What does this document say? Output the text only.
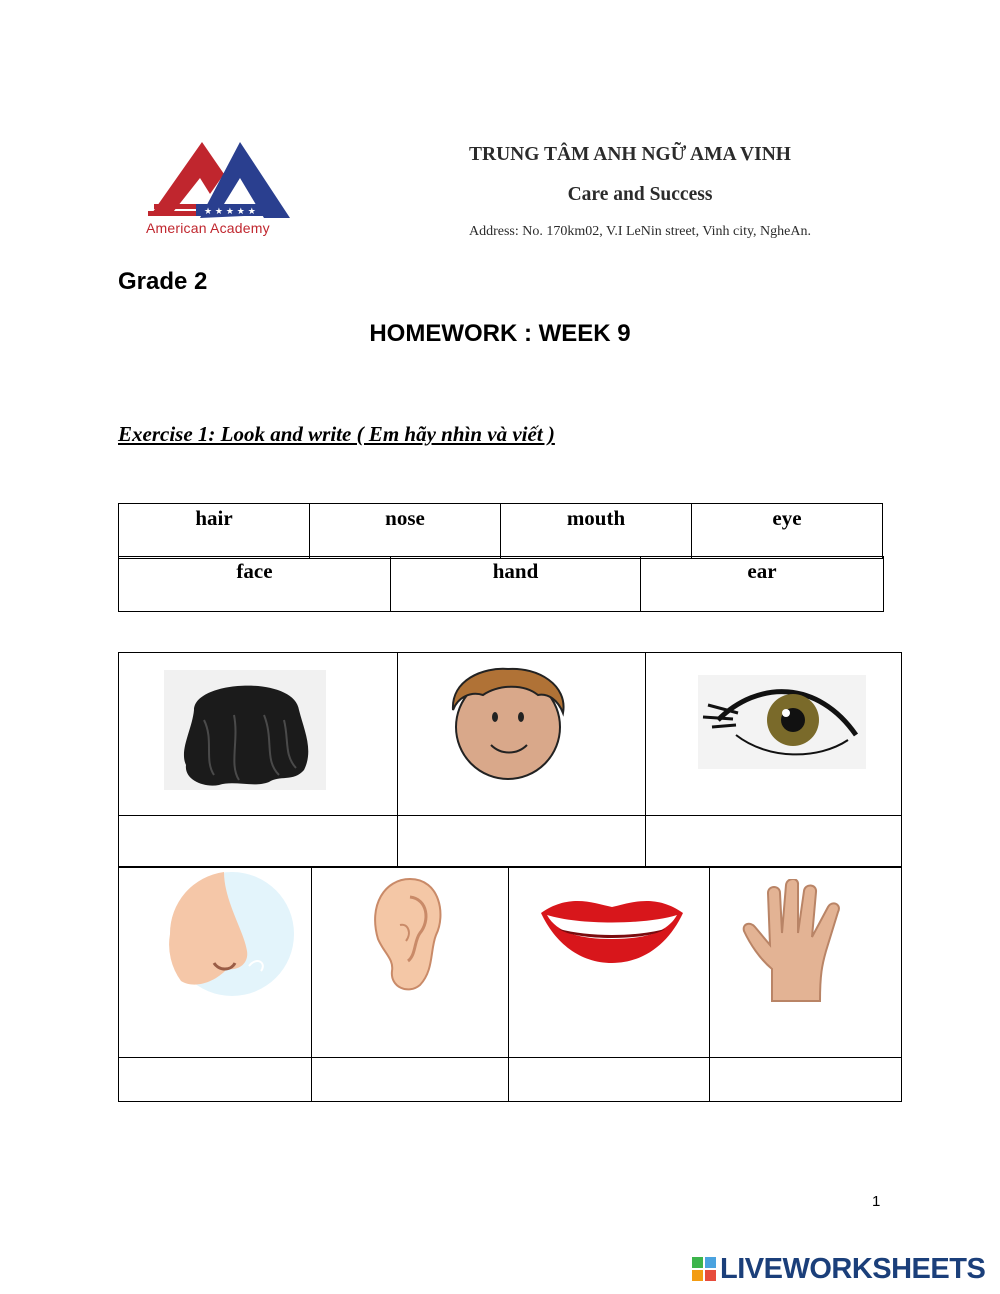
★ ★ ★ ★ ★
American Academy
TRUNG TÂM ANH NGỮ AMA VINH
Care and Success
Address: No. 170km02, V.I LeNin street, Vinh city, NgheAn.
Grade 2
HOMEWORK : WEEK 9
Exercise 1: Look and write ( Em hãy nhìn và viết )
hair	nose	mouth	eye
face	hand	ear

1
LIVEWORKSHEETS
